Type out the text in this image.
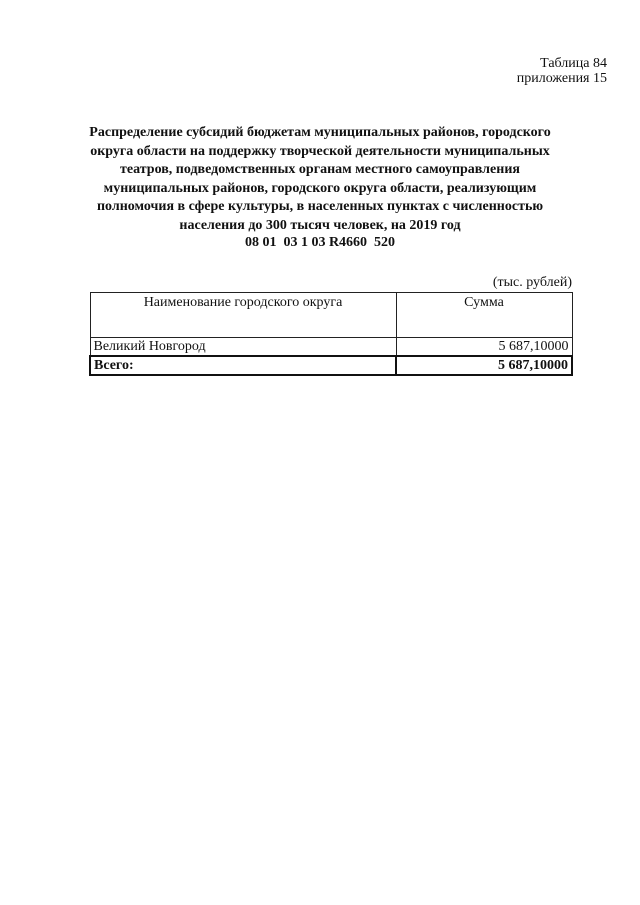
Таблица 84
приложения 15
Распределение субсидий бюджетам муниципальных районов, городского
округа области на поддержку творческой деятельности муниципальных
театров, подведомственных органам местного самоуправления
муниципальных районов, городского округа области, реализующим
полномочия в сфере культуры, в населенных пунктах с численностью
населения до 300 тысяч человек, на 2019 год
08 01  03 1 03 R4660  520
(тыс. рублей)
Наименование городского округа	Сумма
Великий Новгород	5 687,10000
Всего:	5 687,10000
